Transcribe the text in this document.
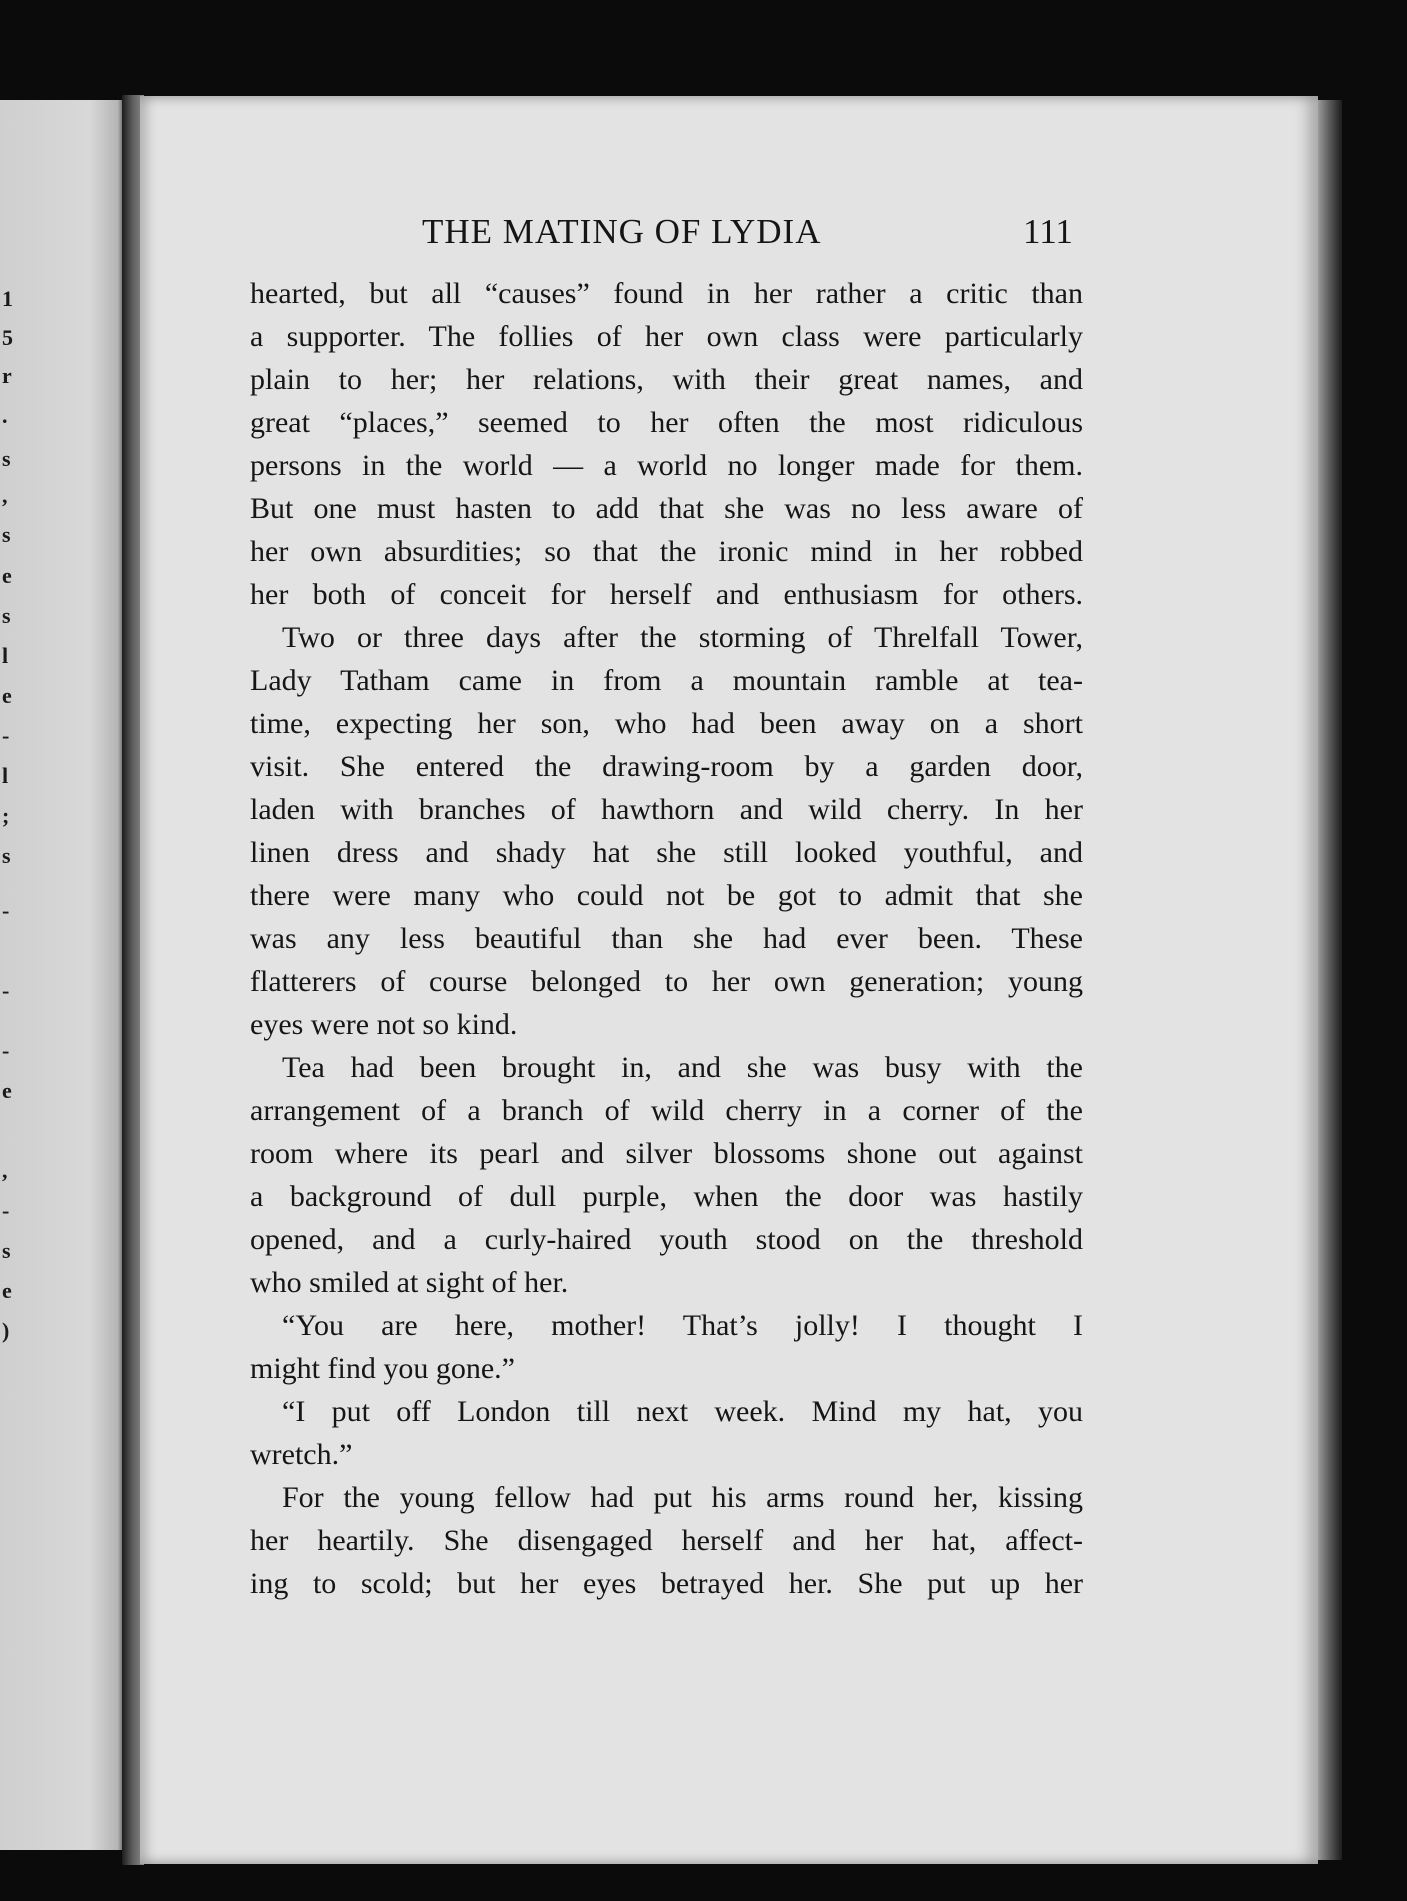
1
5
r
.
s
,
s
e
s
l
e
-
l
;
s
-
-
-
e
,
-
s
e
)
THE MATING OF LYDIA	111
hearted, but all “causes” found in her rather a critic than
a supporter. The follies of her own class were particularly
plain to her; her relations, with their great names, and
great “places,” seemed to her often the most ridiculous
persons in the world — a world no longer made for them.
But one must hasten to add that she was no less aware of
her own absurdities; so that the ironic mind in her robbed
her both of conceit for herself and enthusiasm for others.
Two or three days after the storming of Threlfall Tower,
Lady Tatham came in from a mountain ramble at tea-
time, expecting her son, who had been away on a short
visit. She entered the drawing-room by a garden door,
laden with branches of hawthorn and wild cherry. In her
linen dress and shady hat she still looked youthful, and
there were many who could not be got to admit that she
was any less beautiful than she had ever been. These
flatterers of course belonged to her own generation; young
eyes were not so kind.
Tea had been brought in, and she was busy with the
arrangement of a branch of wild cherry in a corner of the
room where its pearl and silver blossoms shone out against
a background of dull purple, when the door was hastily
opened, and a curly-haired youth stood on the threshold
who smiled at sight of her.
“You are here, mother! That’s jolly! I thought I
might find you gone.”
“I put off London till next week. Mind my hat, you
wretch.”
For the young fellow had put his arms round her, kissing
her heartily. She disengaged herself and her hat, affect-
ing to scold; but her eyes betrayed her. She put up her
